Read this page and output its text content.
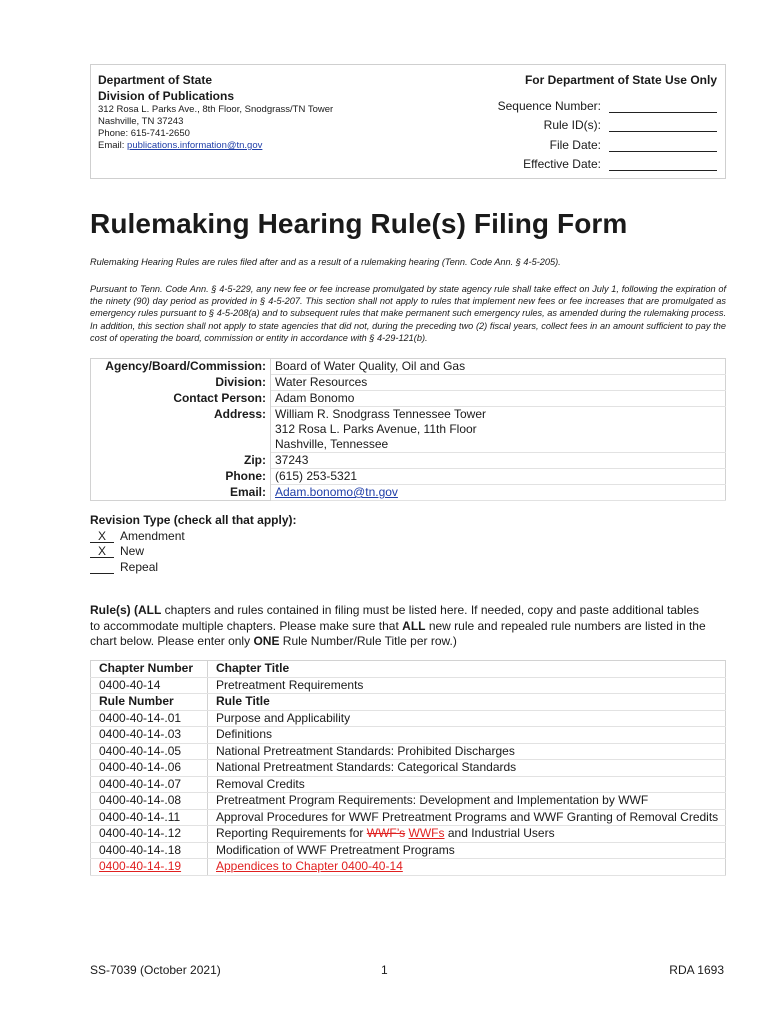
Department of State
Division of Publications
312 Rosa L. Parks Ave., 8th Floor, Snodgrass/TN Tower
Nashville, TN 37243
Phone: 615-741-2650
Email: publications.information@tn.gov
For Department of State Use Only
Sequence Number:
Rule ID(s):
File Date:
Effective Date:
Rulemaking Hearing Rule(s) Filing Form
Rulemaking Hearing Rules are rules filed after and as a result of a rulemaking hearing (Tenn. Code Ann. § 4-5-205).
Pursuant to Tenn. Code Ann. § 4-5-229, any new fee or fee increase promulgated by state agency rule shall take effect on July 1, following the expiration of the ninety (90) day period as provided in § 4-5-207. This section shall not apply to rules that implement new fees or fee increases that are promulgated as emergency rules pursuant to § 4-5-208(a) and to subsequent rules that make permanent such emergency rules, as amended during the rulemaking process. In addition, this section shall not apply to state agencies that did not, during the preceding two (2) fiscal years, collect fees in an amount sufficient to pay the cost of operating the board, commission or entity in accordance with § 4-29-121(b).
Agency/Board/Commission:	Board of Water Quality, Oil and Gas
Division:	Water Resources
Contact Person:	Adam Bonomo
Address:	William R. Snodgrass Tennessee Tower
312 Rosa L. Parks Avenue, 11th Floor
Nashville, Tennessee

Zip:	37243
Phone:	(615) 253-5321
Email:	Adam.bonomo@tn.gov
Revision Type (check all that apply):
X	Amendment
X	New
Repeal
Rule(s) (ALL chapters and rules contained in filing must be listed here. If needed, copy and paste additional tables to accommodate multiple chapters. Please make sure that ALL new rule and repealed rule numbers are listed in the chart below. Please enter only ONE Rule Number/Rule Title per row.)
Chapter Number	Chapter Title
0400-40-14	Pretreatment Requirements
Rule Number	Rule Title
0400-40-14-.01	Purpose and Applicability
0400-40-14-.03	Definitions
0400-40-14-.05	National Pretreatment Standards: Prohibited Discharges
0400-40-14-.06	National Pretreatment Standards: Categorical Standards
0400-40-14-.07	Removal Credits
0400-40-14-.08	Pretreatment Program Requirements: Development and Implementation by WWF
0400-40-14-.11	Approval Procedures for WWF Pretreatment Programs and WWF Granting of Removal Credits
0400-40-14-.12	Reporting Requirements for WWF’s WWFs and Industrial Users
0400-40-14-.18	Modification of WWF Pretreatment Programs
0400-40-14-.19	Appendices to Chapter 0400-40-14
SS-7039 (October 2021)	1	RDA 1693
